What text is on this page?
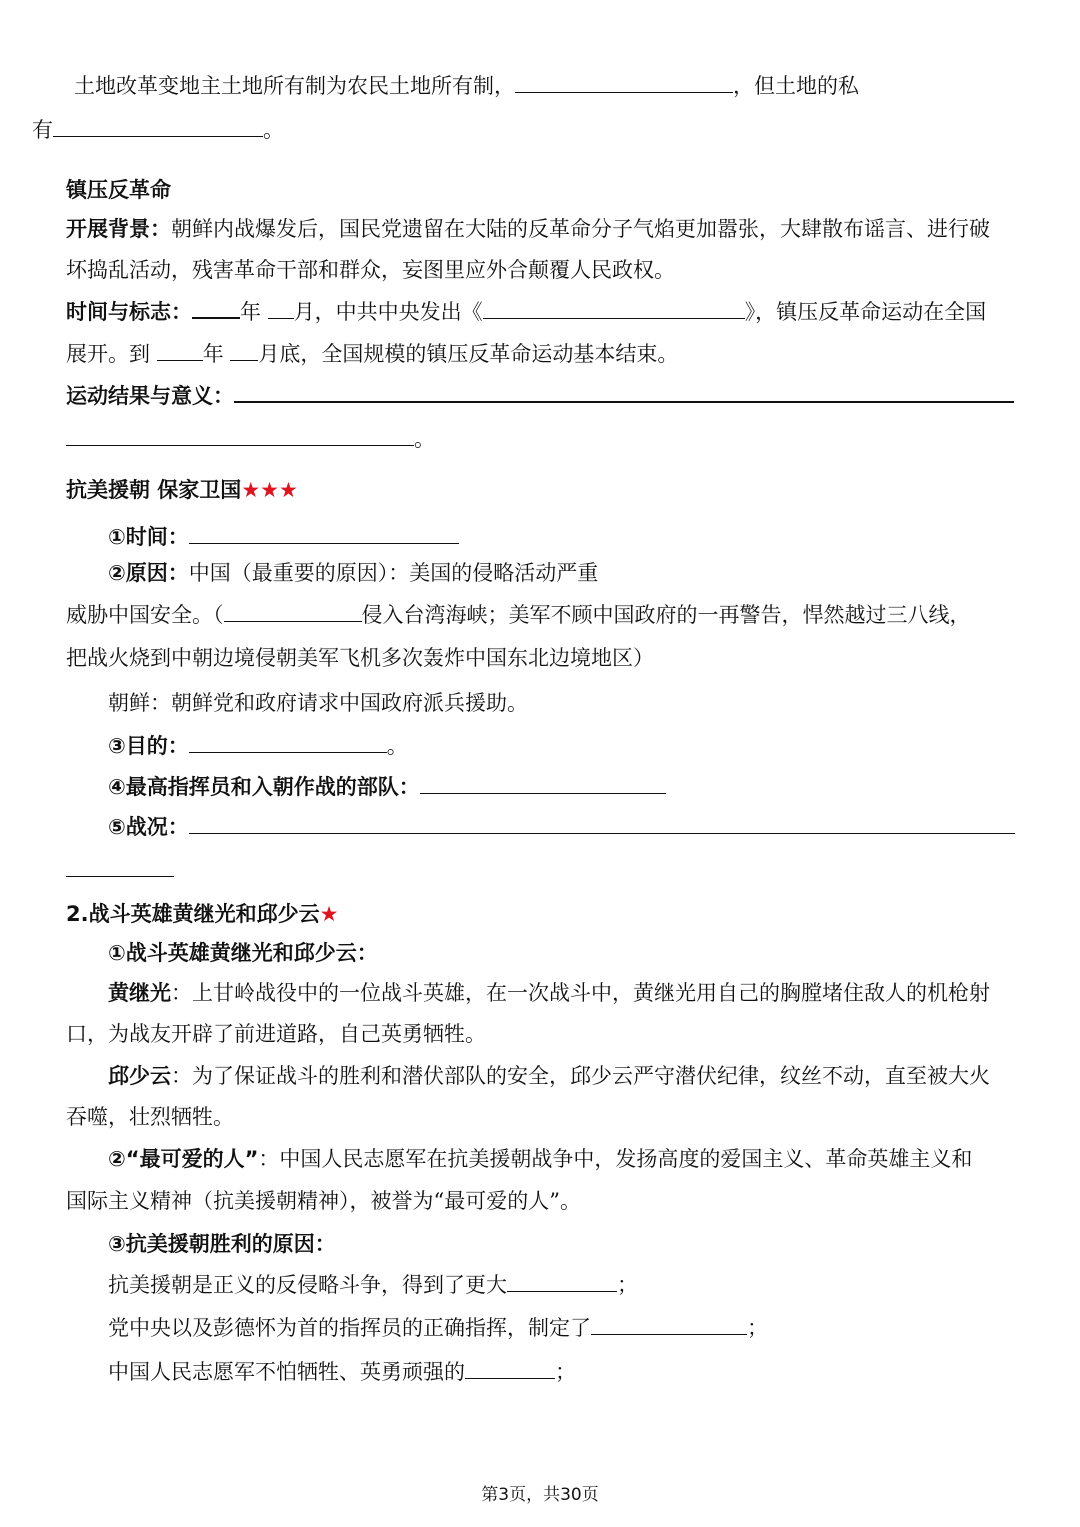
土地改革变地主土地所有制为农民土地所有制，	，但土地的私
有	。
镇压反革命
开展背景：朝鲜内战爆发后，国民党遗留在大陆的反革命分子气焰更加嚣张，大肆散布谣言、进行破
坏捣乱活动，残害革命干部和群众，妄图里应外合颠覆人民政权。
时间与标志： 年 月，中共中央发出《	》，镇压反革命运动在全国
展开。到	年 月底，全国规模的镇压反革命运动基本结束。
运动结果与意义：
。
抗美援朝 保家卫国★★★
①时间：
②原因：中国（最重要的原因）：美国的侵略活动严重
威胁中国安全。（	侵入台湾海峡；美军不顾中国政府的一再警告，悍然越过三八线，
把战火烧到中朝边境侵朝美军飞机多次轰炸中国东北边境地区）
朝鲜：朝鲜党和政府请求中国政府派兵援助。
③目的：	。
④最高指挥员和入朝作战的部队：
⑤战况：
2.战斗英雄黄继光和邱少云★
①战斗英雄黄继光和邱少云：
黄继光：上甘岭战役中的一位战斗英雄，在一次战斗中，黄继光用自己的胸膛堵住敌人的机枪射
口，为战友开辟了前进道路，自己英勇牺牲。
邱少云：为了保证战斗的胜利和潜伏部队的安全，邱少云严守潜伏纪律，纹丝不动，直至被大火
吞噬，壮烈牺牲。
②“最可爱的人”：中国人民志愿军在抗美援朝战争中，发扬高度的爱国主义、革命英雄主义和
国际主义精神（抗美援朝精神），被誉为“最可爱的人”。
③抗美援朝胜利的原因：
抗美援朝是正义的反侵略斗争，得到了更大	；
党中央以及彭德怀为首的指挥员的正确指挥，制定了	；
中国人民志愿军不怕牺牲、英勇顽强的	；
第3页，共30页
